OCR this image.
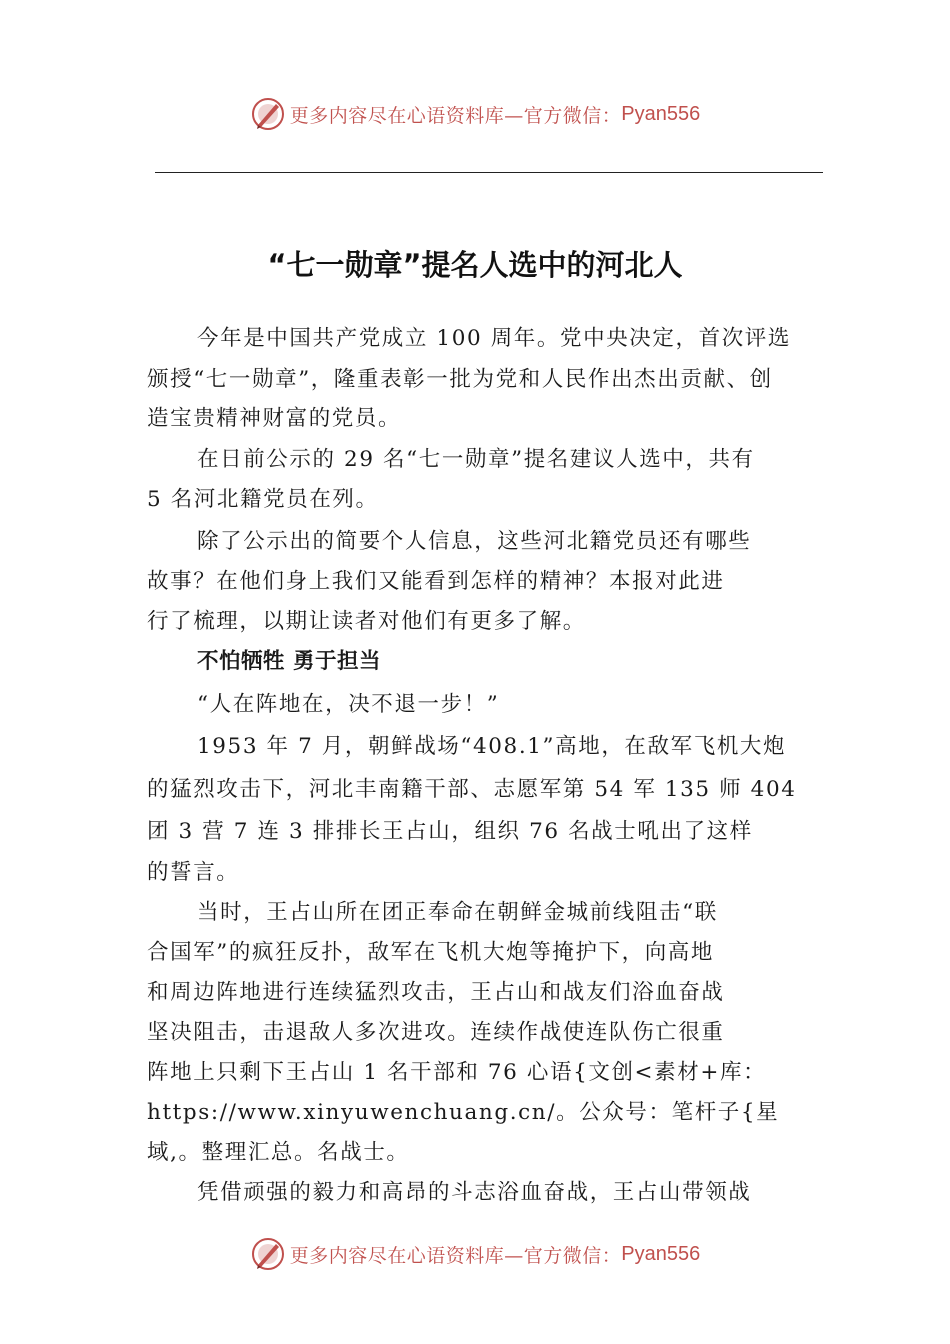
更多内容尽在心语资料库—官方微信： Pyan556
“七一勋章”提名人选中的河北人
今年是中国共产党成立 100 周年。党中央决定，首次评选
颁授“七一勋章”，隆重表彰一批为党和人民作出杰出贡献、创
造宝贵精神财富的党员。
在日前公示的 29 名“七一勋章”提名建议人选中，共有
5 名河北籍党员在列。
除了公示出的简要个人信息，这些河北籍党员还有哪些
故事？在他们身上我们又能看到怎样的精神？本报对此进
行了梳理，以期让读者对他们有更多了解。
不怕牺牲 勇于担当
“人在阵地在，决不退一步！”
1953 年 7 月，朝鲜战场“408.1”高地，在敌军飞机大炮
的猛烈攻击下，河北丰南籍干部、志愿军第 54 军 135 师 404
团 3 营 7 连 3 排排长王占山，组织 76 名战士吼出了这样
的誓言。
当时，王占山所在团正奉命在朝鲜金城前线阻击“联
合国军”的疯狂反扑，敌军在飞机大炮等掩护下，向高地
和周边阵地进行连续猛烈攻击，王占山和战友们浴血奋战
坚决阻击，击退敌人多次进攻。连续作战使连队伤亡很重
阵地上只剩下王占山 1 名干部和 76 心语{文创<素材+库：
https://www.xinyuwenchuang.cn/。公众号：笔杆子{星
域,。整理汇总。名战士。
凭借顽强的毅力和高昂的斗志浴血奋战，王占山带领战
更多内容尽在心语资料库—官方微信： Pyan556
